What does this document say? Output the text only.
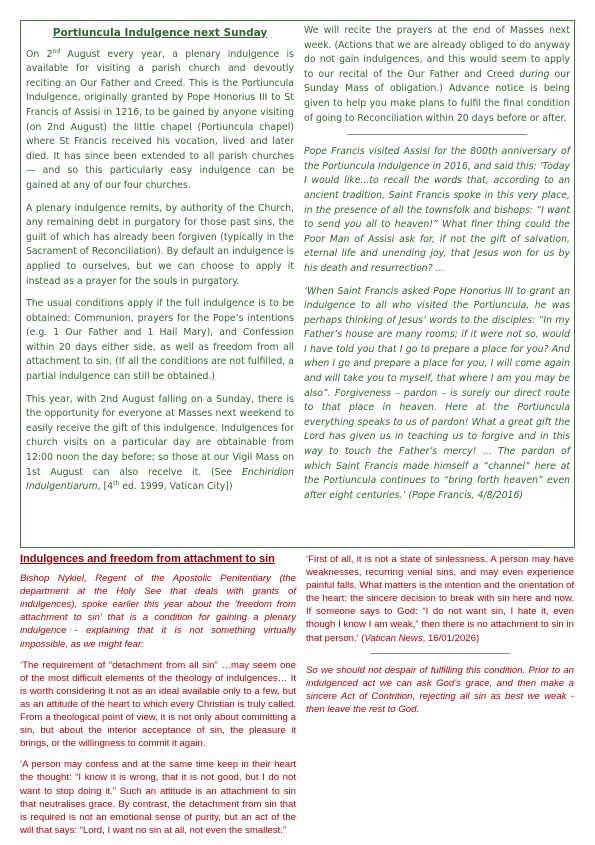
Portiuncula Indulgence next Sunday

On 2nd August every year, a plenary indulgence is available for visiting a parish church and devoutly reciting an Our Father and Creed. This is the Portiuncula Indulgence, originally granted by Pope Honorius III to St Francis of Assisi in 1216, to be gained by anyone visiting (on 2nd August) the little chapel (Portiuncula chapel) where St Francis received his vocation, lived and later died. It has since been extended to all parish churches — and so this particularly easy indulgence can be gained at any of our four churches.

A plenary indulgence remits, by authority of the Church, any remaining debt in purgatory for those past sins, the guilt of which has already been forgiven (typically in the Sacrament of Reconciliation). By default an indulgence is applied to ourselves, but we can choose to apply it instead as a prayer for the souls in purgatory.

The usual conditions apply if the full indulgence is to be obtained: Communion, prayers for the Pope’s intentions (e.g. 1 Our Father and 1 Hail Mary), and Confession within 20 days either side, as well as freedom from all attachment to sin. (If all the conditions are not fulfilled, a partial indulgence can still be obtained.)

This year, with 2nd August falling on a Sunday, there is the opportunity for everyone at Masses next weekend to easily receive the gift of this indulgence. Indulgences for church visits on a particular day are obtainable from 12:00 noon the day before; so those at our Vigil Mass on 1st August can also receive it. (See Enchiridion Indulgentiarum, [4th ed. 1999, Vatican City])

We will recite the prayers at the end of Masses next week. (Actions that we are already obliged to do anyway do not gain indulgences, and this would seem to apply to our recital of the Our Father and Creed during our Sunday Mass of obligation.) Advance notice is being given to help you make plans to fulfil the final condition of going to Reconciliation within 20 days before or after.

Pope Francis visited Assisi for the 800th anniversary of the Portiuncula Indulgence in 2016, and said this: ‘Today I would like...to recall the words that, according to an ancient tradition, Saint Francis spoke in this very place, in the presence of all the townsfolk and bishops: “I want to send you all to heaven!” What finer thing could the Poor Man of Assisi ask for, if not the gift of salvation, eternal life and unending joy, that Jesus won for us by his death and resurrection? ...

‘When Saint Francis asked Pope Honorius III to grant an indulgence to all who visited the Portiuncula, he was perhaps thinking of Jesus’ words to the disciples: “In my Father’s house are many rooms; if it were not so, would I have told you that I go to prepare a place for you? And when I go and prepare a place for you, I will come again and will take you to myself, that where I am you may be also”. Forgiveness – pardon – is surely our direct route to that place in heaven. Here at the Portiuncula everything speaks to us of pardon! What a great gift the Lord has given us in teaching us to forgive and in this way to touch the Father’s mercy! ... The pardon of which Saint Francis made himself a “channel” here at the Portiuncula continues to “bring forth heaven” even after eight centuries.’ (Pope Francis, 4/8/2016)

Indulgences and freedom from attachment to sin

Bishop Nykiel, Regent of the Apostolic Penitentiary (the department at the Holy See that deals with grants of indulgences), spoke earlier this year about the ‘freedom from attachment to sin’ that is a condition for gaining a plenary indulgence - explaining that it is not something virtually impossible, as we might fear:

‘The requirement of “detachment from all sin” …may seem one of the most difficult elements of the theology of indulgences… It is worth considering it not as an ideal available only to a few, but as an attitude of the heart to which every Christian is truly called. From a theological point of view, it is not only about committing a sin, but about the interior acceptance of sin, the pleasure it brings, or the willingness to commit it again.

‘A person may confess and at the same time keep in their heart the thought: “I know it is wrong, that it is not good, but I do not want to stop doing it.” Such an attitude is an attachment to sin that neutralises grace. By contrast, the detachment from sin that is required is not an emotional sense of purity, but an act of the will that says: “Lord, I want no sin at all, not even the smallest.”

‘First of all, it is not a state of sinlessness. A person may have weaknesses, recurring venial sins, and may even experience painful falls. What matters is the intention and the orientation of the heart: the sincere decision to break with sin here and now. If someone says to God: “I do not want sin, I hate it, even though I know I am weak,” then there is no attachment to sin in that person.’ (Vatican News, 16/01/2026)

So we should not despair of fulfilling this condition. Prior to an indulgenced act we can ask God’s grace, and then make a sincere Act of Contrition, rejecting all sin as best we weak - then leave the rest to God.
